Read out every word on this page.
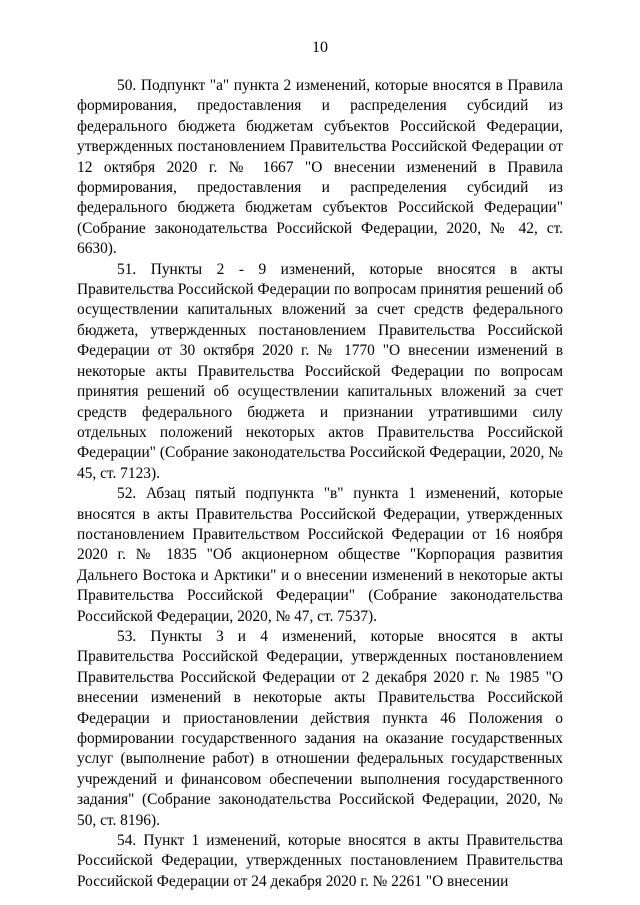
10

50. Подпункт "а" пункта 2 изменений, которые вносятся в Правила формирования, предоставления и распределения субсидий из федерального бюджета бюджетам субъектов Российской Федерации, утвержденных постановлением Правительства Российской Федерации от 12 октября 2020 г. № 1667 "О внесении изменений в Правила формирования, предоставления и распределения субсидий из федерального бюджета бюджетам субъектов Российской Федерации" (Собрание законодательства Российской Федерации, 2020, № 42, ст. 6630).

51. Пункты 2 - 9 изменений, которые вносятся в акты Правительства Российской Федерации по вопросам принятия решений об осуществлении капитальных вложений за счет средств федерального бюджета, утвержденных постановлением Правительства Российской Федерации от 30 октября 2020 г. № 1770 "О внесении изменений в некоторые акты Правительства Российской Федерации по вопросам принятия решений об осуществлении капитальных вложений за счет средств федерального бюджета и признании утратившими силу отдельных положений некоторых актов Правительства Российской Федерации" (Собрание законодательства Российской Федерации, 2020, № 45, ст. 7123).

52. Абзац пятый подпункта "в" пункта 1 изменений, которые вносятся в акты Правительства Российской Федерации, утвержденных постановлением Правительством Российской Федерации от 16 ноября 2020 г. № 1835 "Об акционерном обществе "Корпорация развития Дальнего Востока и Арктики" и о внесении изменений в некоторые акты Правительства Российской Федерации" (Собрание законодательства Российской Федерации, 2020, № 47, ст. 7537).

53. Пункты 3 и 4 изменений, которые вносятся в акты Правительства Российской Федерации, утвержденных постановлением Правительства Российской Федерации от 2 декабря 2020 г. № 1985 "О внесении изменений в некоторые акты Правительства Российской Федерации и приостановлении действия пункта 46 Положения о формировании государственного задания на оказание государственных услуг (выполнение работ) в отношении федеральных государственных учреждений и финансовом обеспечении выполнения государственного задания" (Собрание законодательства Российской Федерации, 2020, № 50, ст. 8196).

54. Пункт 1 изменений, которые вносятся в акты Правительства Российской Федерации, утвержденных постановлением Правительства Российской Федерации от 24 декабря 2020 г. № 2261 "О внесении
